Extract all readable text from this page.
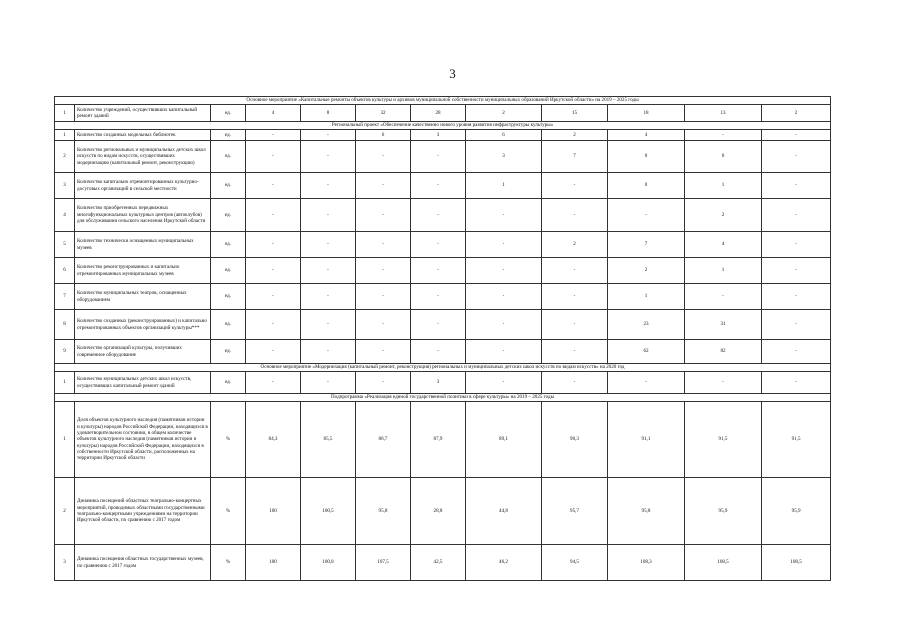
3
Основное мероприятие «Капитальные ремонты объектов культуры и архивов муниципальной собственности муниципальных образований Иркутской области» на 2019 – 2025 годы											
1	Количество учреждений, осуществивших капитальный ремонт зданий	ед.	4	8	32	28	2	15	18	13	2
Региональный проект «Обеспечение качественно нового уровня развития инфраструктуры культуры»											
1	Количество созданных модельных библиотек	ед.	-	-	6	3	6	2	4	-	-
2	Количество региональных и муниципальных детских школ искусств по видам искусств, осуществивших модернизацию (капитальный ремонт, реконструкцию)	ед.	-	-	-	-	3	7	0	0	-
3	Количество капитально отремонтированных культурно-досуговых организаций в сельской местности	ед.	-	-	-	-	1	-	0	1	-
4	Количество приобретенных передвижных многофункциональных культурных центров (автоклубов) для обслуживания сельского населения Иркутской области	ед.	-	-	-	-	-	-	-	2	-
5	Количество технически оснащенных муниципальных музеев	ед.	-	-	-	-	-	2	7	4	-
6	Количество реконструированных и капитально отремонтированных муниципальных музеев	ед.	-	-	-	-	-	-	2	1	-
7	Количество муниципальных театров, оснащенных оборудованием	ед.	-	-	-	-	-	-	1	-	-
8	Количество созданных (реконструированных) и капитально отремонтированных объектов организаций культуры***	ед.	-	-	-	-	-	-	23	31	-
9	Количество организаций культуры, получивших современное оборудование	ед.	-	-	-	-	-	-	62	82	-
Основное мероприятие «Модернизация (капитальный ремонт, реконструкция) региональных и муниципальных детских школ искусств по видам искусств» на 2020 год											
1	Количество муниципальных детских школ искусств, осуществивших капитальный ремонт зданий	ед.	-	-	-	3	-	-	-	-	-
Подпрограмма «Реализация единой государственной политики в сфере культуры» на 2019 – 2025 годы											
1	Доля объектов культурного наследия (памятников истории и культуры) народов Российской Федерации, находящихся в удовлетворительном состоянии, в общем количестве объектов культурного наследия (памятников истории и культуры) народов Российской Федерации, находящихся в собственности Иркутской области, расположенных на территории Иркутской области	%	84,3	85,5	86,7	87,9	89,1	90,3	91,1	91,5	91,5
2	Динамика посещений областных театрально-концертных мероприятий, проводимых областными государственными театрально-концертными учреждениями на территории Иркутской области, по сравнению с 2017 годом	%	100	100,5	95,8	28,8	44,8	95,7	95,8	95,9	95,9
3	Динамика посещения областных государственных музеев, по сравнению с 2017 годом	%	100	100,8	107,5	42,5	46,2	94,5	108,3	108,5	108,5
